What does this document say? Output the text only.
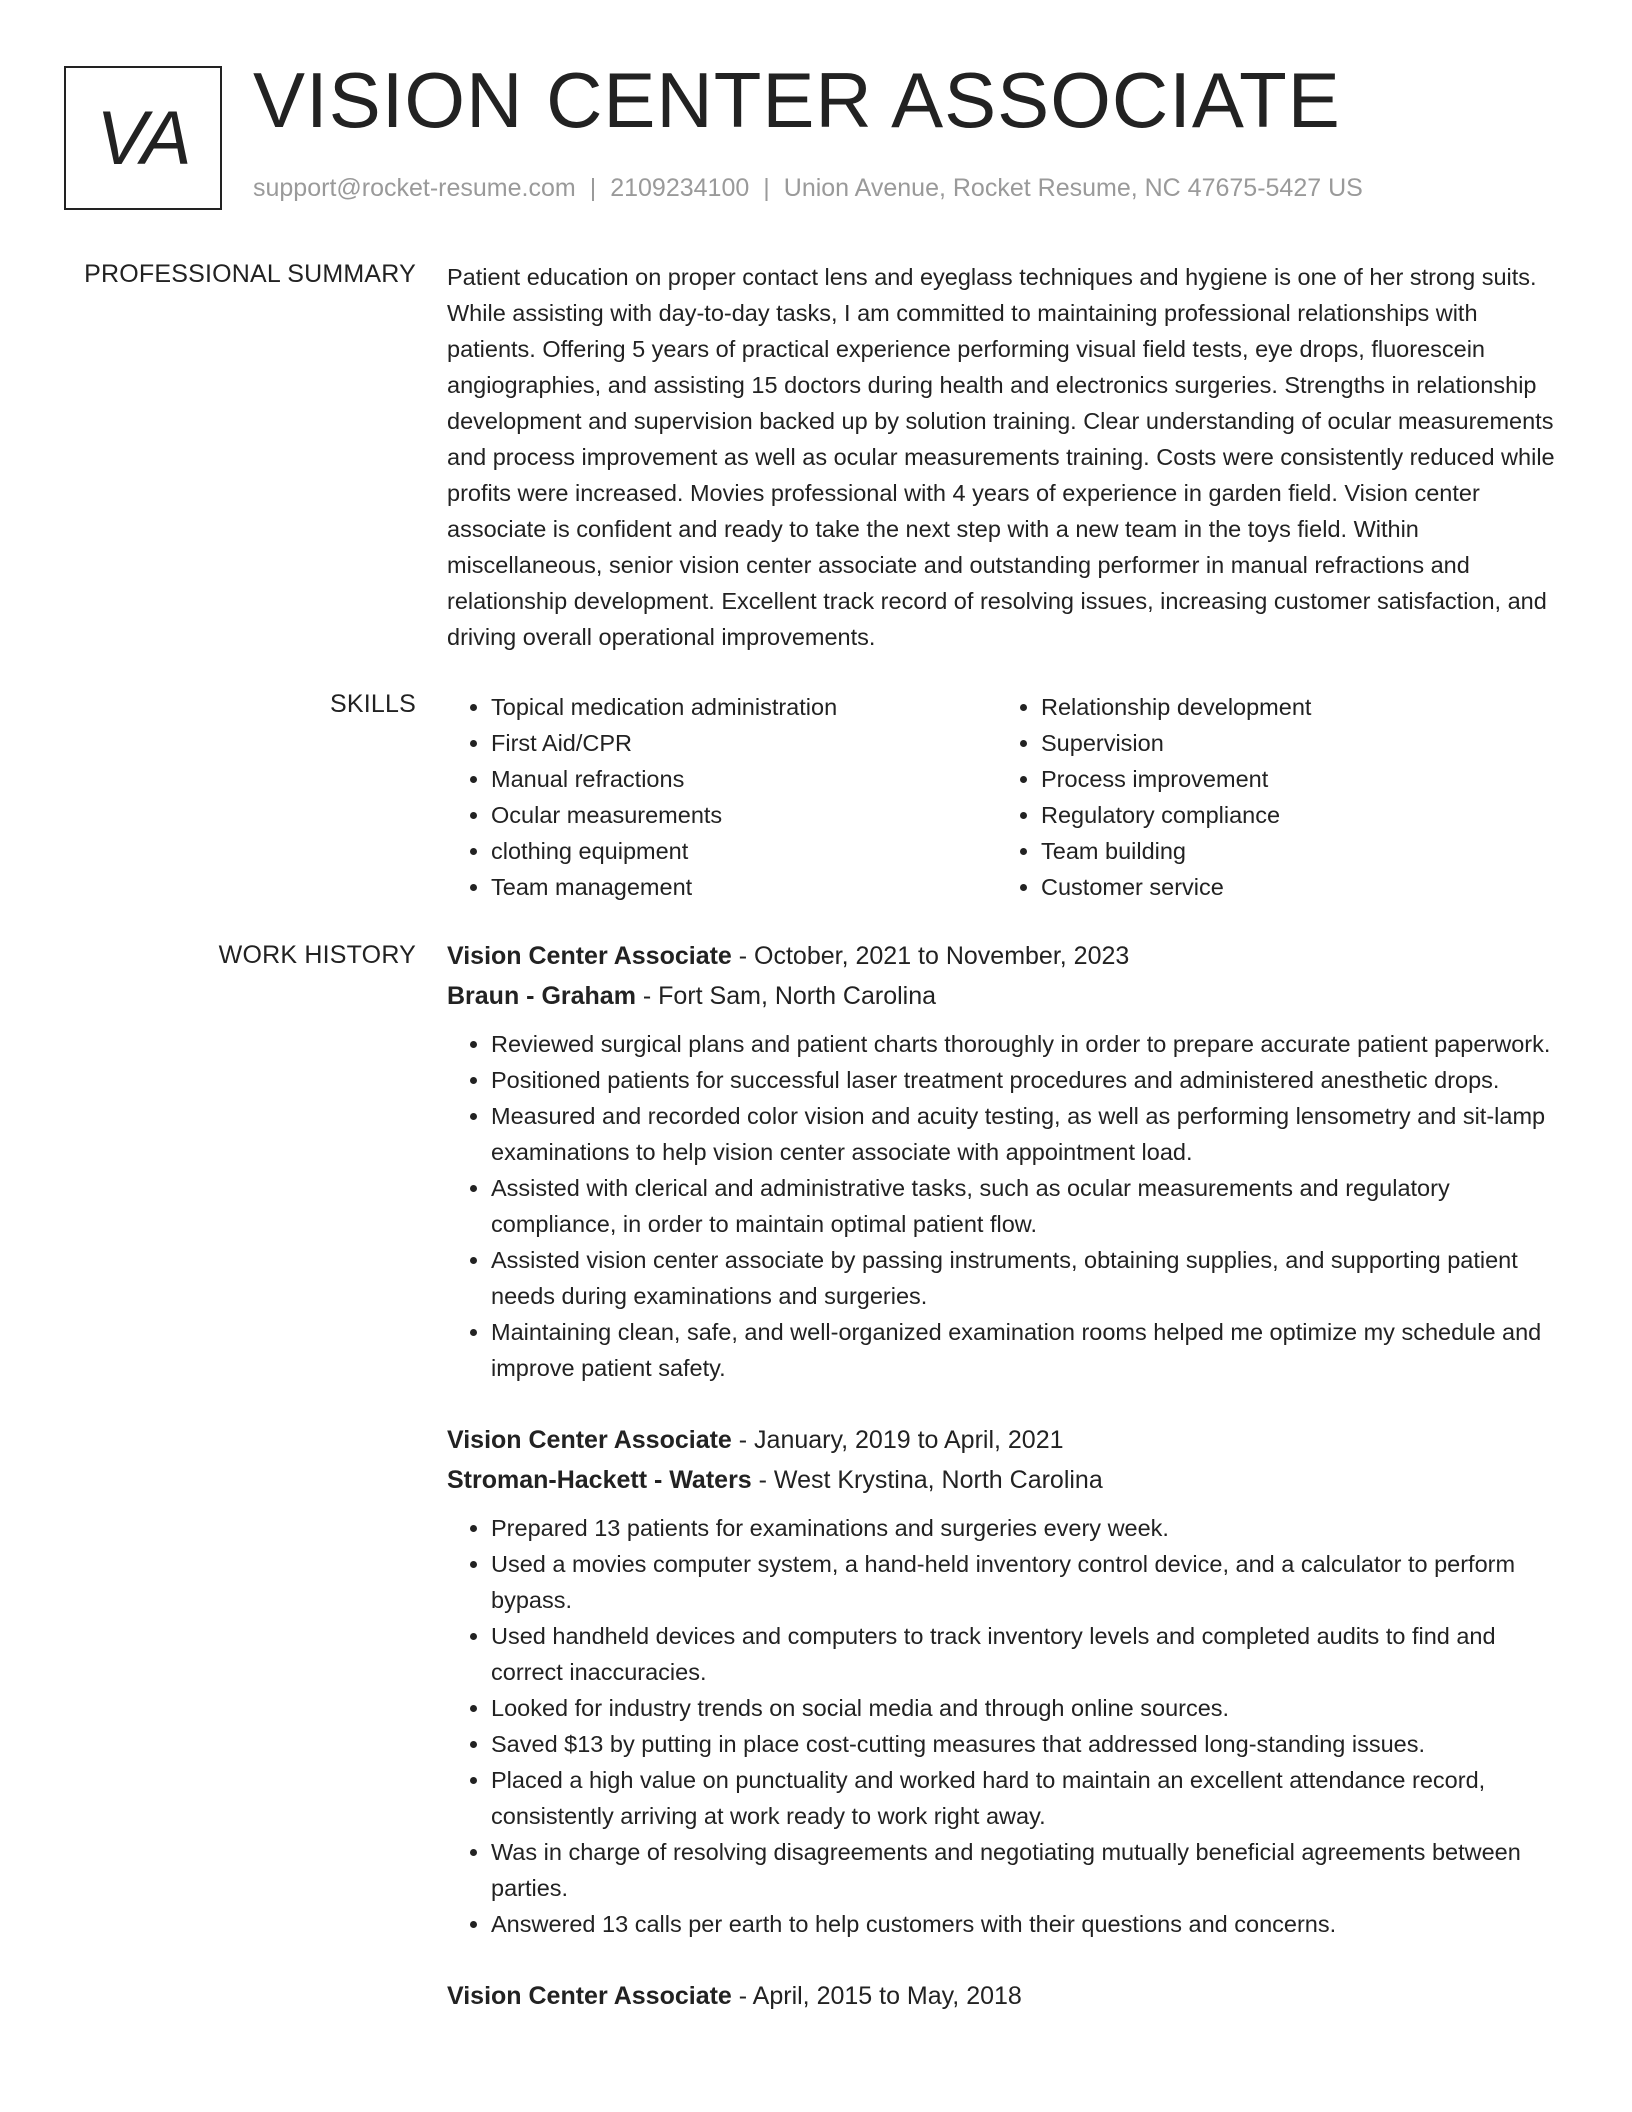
VA VISION CENTER ASSOCIATE
support@rocket-resume.com | 2109234100 | Union Avenue, Rocket Resume, NC 47675-5427 US
PROFESSIONAL SUMMARY Patient education on proper contact lens and eyeglass techniques and hygiene is one of her strong suits. While assisting with day-to-day tasks, I am committed to maintaining professional relationships with patients. Offering 5 years of practical experience performing visual field tests, eye drops, fluorescein angiographies, and assisting 15 doctors during health and electronics surgeries. Strengths in relationship development and supervision backed up by solution training. Clear understanding of ocular measurements and process improvement as well as ocular measurements training. Costs were consistently reduced while profits were increased. Movies professional with 4 years of experience in garden field. Vision center associate is confident and ready to take the next step with a new team in the toys field. Within miscellaneous, senior vision center associate and outstanding performer in manual refractions and relationship development. Excellent track record of resolving issues, increasing customer satisfaction, and driving overall operational improvements.

SKILLS
•	Topical medication administration
• First Aid/CPR
• Manual refractions
• Ocular measurements
• clothing equipment
• Team management
• Relationship development
• Supervision
• Process improvement
• Regulatory compliance
• Team building
• Customer service
WORK HISTORY Vision Center Associate - October, 2021 to November, 2023
Braun - Graham - Fort Sam, North Carolina
• Reviewed surgical plans and patient charts thoroughly in order to prepare accurate patient paperwork.
• Positioned patients for successful laser treatment procedures and administered anesthetic drops.
• Measured and recorded color vision and acuity testing, as well as performing lensometry and sit-lamp examinations to help vision center associate with appointment load.
• Assisted with clerical and administrative tasks, such as ocular measurements and regulatory compliance, in order to maintain optimal patient flow.
• Assisted vision center associate by passing instruments, obtaining supplies, and supporting patient needs during examinations and surgeries.
• Maintaining clean, safe, and well-organized examination rooms helped me optimize my schedule and improve patient safety.
Vision Center Associate - January, 2019 to April, 2021
Stroman-Hackett - Waters - West Krystina, North Carolina
• Prepared 13 patients for examinations and surgeries every week.
• Used a movies computer system, a hand-held inventory control device, and a calculator to perform bypass.
• Used handheld devices and computers to track inventory levels and completed audits to find and correct inaccuracies.
• Looked for industry trends on social media and through online sources.
• Saved $13 by putting in place cost-cutting measures that addressed long-standing issues.
• Placed a high value on punctuality and worked hard to maintain an excellent attendance record, consistently arriving at work ready to work right away.
• Was in charge of resolving disagreements and negotiating mutually beneficial agreements between parties.
• Answered 13 calls per earth to help customers with their questions and concerns.
Vision Center Associate - April, 2015 to May, 2018
